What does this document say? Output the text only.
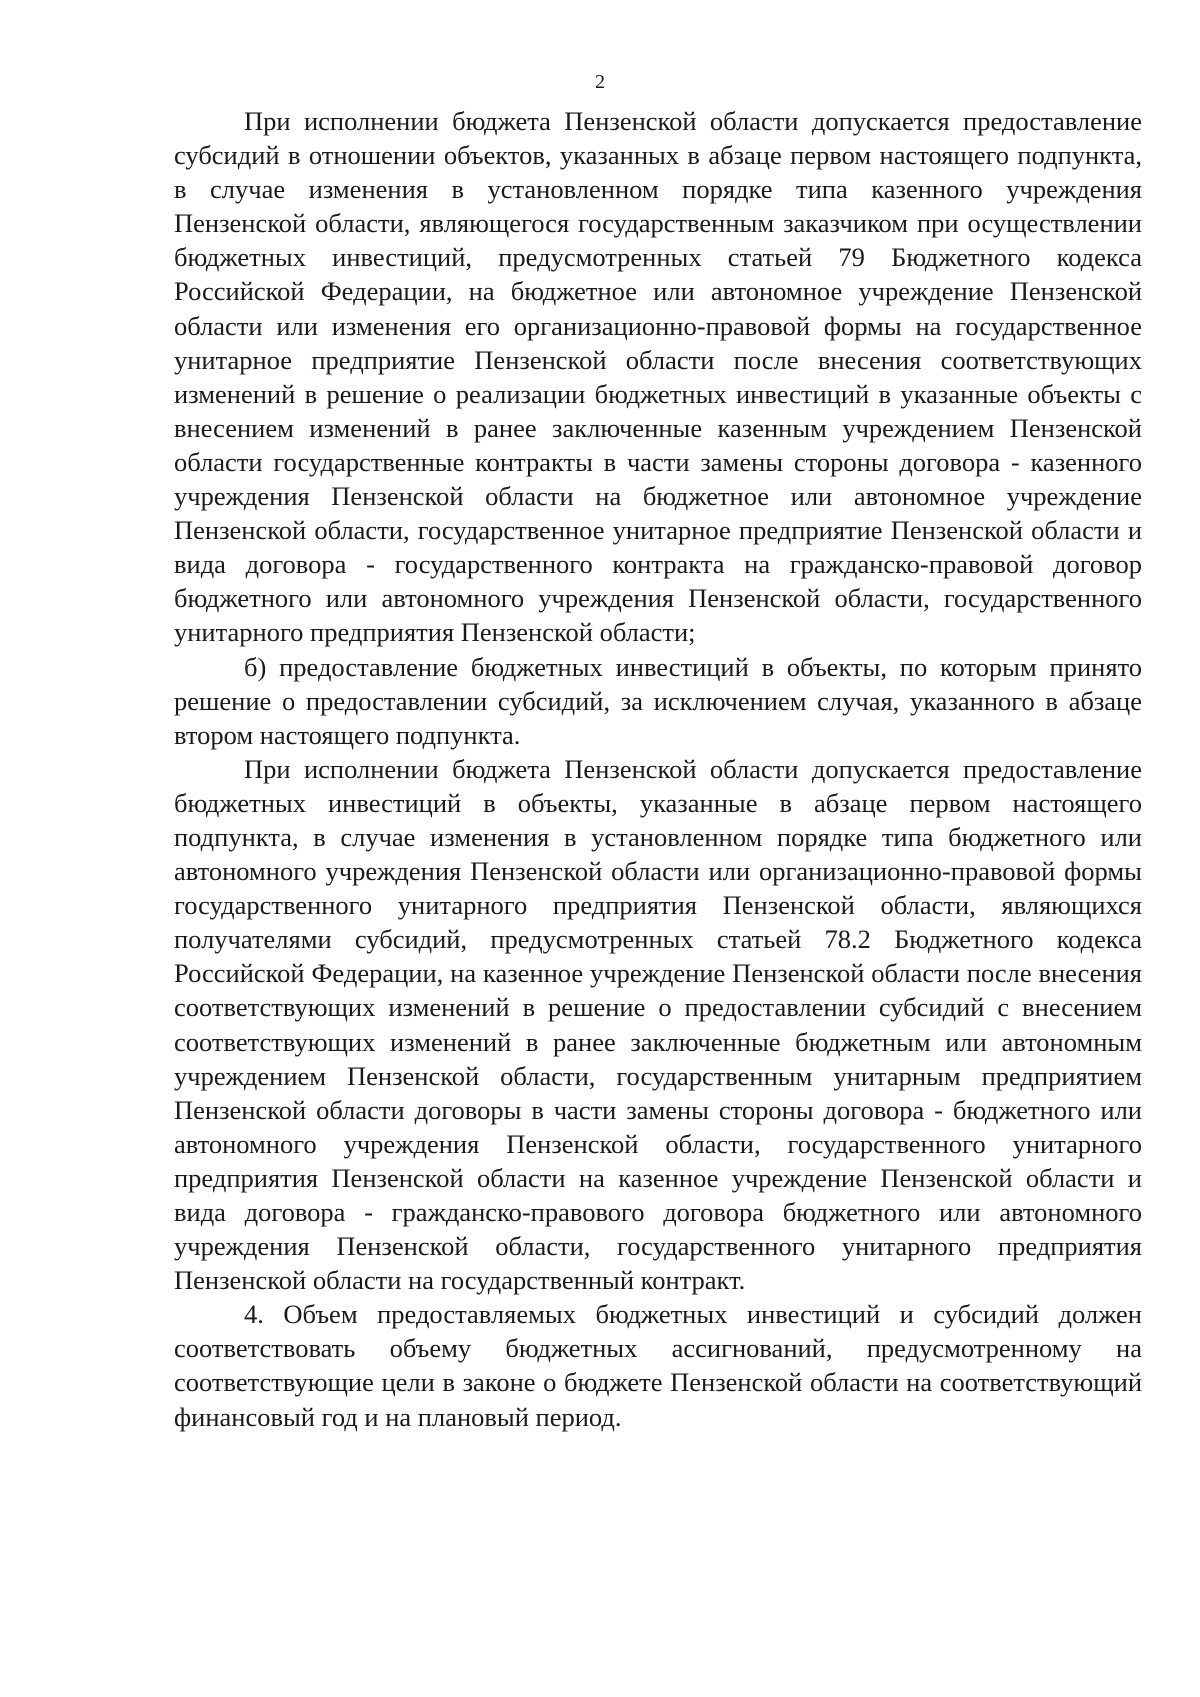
2

При исполнении бюджета Пензенской области допускается предоставление субсидий в отношении объектов, указанных в абзаце первом настоящего подпункта, в случае изменения в установленном порядке типа казенного учреждения Пензенской области, являющегося государственным заказчиком при осуществлении бюджетных инвестиций, предусмотренных статьей 79 Бюджетного кодекса Российской Федерации, на бюджетное или автономное учреждение Пензенской области или изменения его организационно-правовой формы на государственное унитарное предприятие Пензенской области после внесения соответствующих изменений в решение о реализации бюджетных инвестиций в указанные объекты с внесением изменений в ранее заключенные казенным учреждением Пензенской области государственные контракты в части замены стороны договора - казенного учреждения Пензенской области на бюджетное или автономное учреждение Пензенской области, государственное унитарное предприятие Пензенской области и вида договора - государственного контракта на гражданско-правовой договор бюджетного или автономного учреждения Пензенской области, государственного унитарного предприятия Пензенской области;

б) предоставление бюджетных инвестиций в объекты, по которым принято решение о предоставлении субсидий, за исключением случая, указанного в абзаце втором настоящего подпункта.

При исполнении бюджета Пензенской области допускается предоставление бюджетных инвестиций в объекты, указанные в абзаце первом настоящего подпункта, в случае изменения в установленном порядке типа бюджетного или автономного учреждения Пензенской области или организационно-правовой формы государственного унитарного предприятия Пензенской области, являющихся получателями субсидий, предусмотренных статьей 78.2 Бюджетного кодекса Российской Федерации, на казенное учреждение Пензенской области после внесения соответствующих изменений в решение о предоставлении субсидий с внесением соответствующих изменений в ранее заключенные бюджетным или автономным учреждением Пензенской области, государственным унитарным предприятием Пензенской области договоры в части замены стороны договора - бюджетного или автономного учреждения Пензенской области, государственного унитарного предприятия Пензенской области на казенное учреждение Пензенской области и вида договора - гражданско-правового договора бюджетного или автономного учреждения Пензенской области, государственного унитарного предприятия Пензенской области на государственный контракт.

4. Объем предоставляемых бюджетных инвестиций и субсидий должен соответствовать объему бюджетных ассигнований, предусмотренному на соответствующие цели в законе о бюджете Пензенской области на соответствующий финансовый год и на плановый период.
